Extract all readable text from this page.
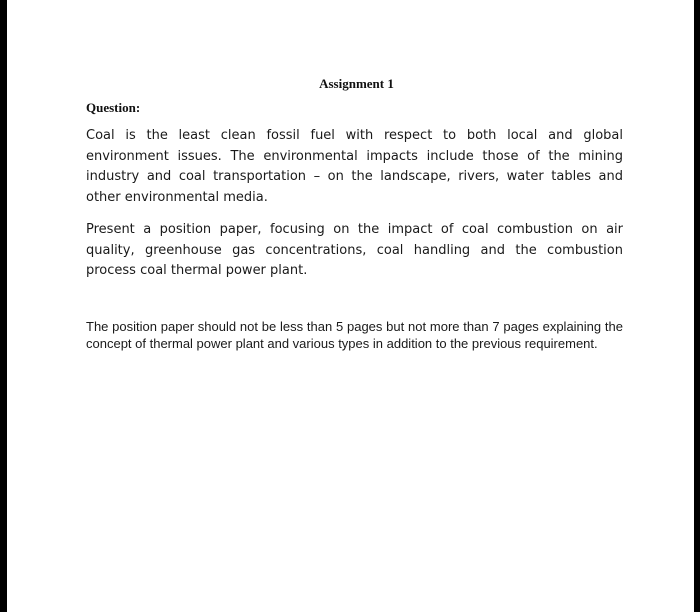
Assignment 1
Question:

Coal is the least clean fossil fuel with respect to both local and global environment issues. The environmental impacts include those of the mining industry and coal transportation – on the landscape, rivers, water tables and other environmental media.

Present a position paper, focusing on the impact of coal combustion on air quality, greenhouse gas concentrations, coal handling and the combustion process coal thermal power plant.

The position paper should not be less than 5 pages but not more than 7 pages explaining the concept of thermal power plant and various types in addition to the previous requirement.
